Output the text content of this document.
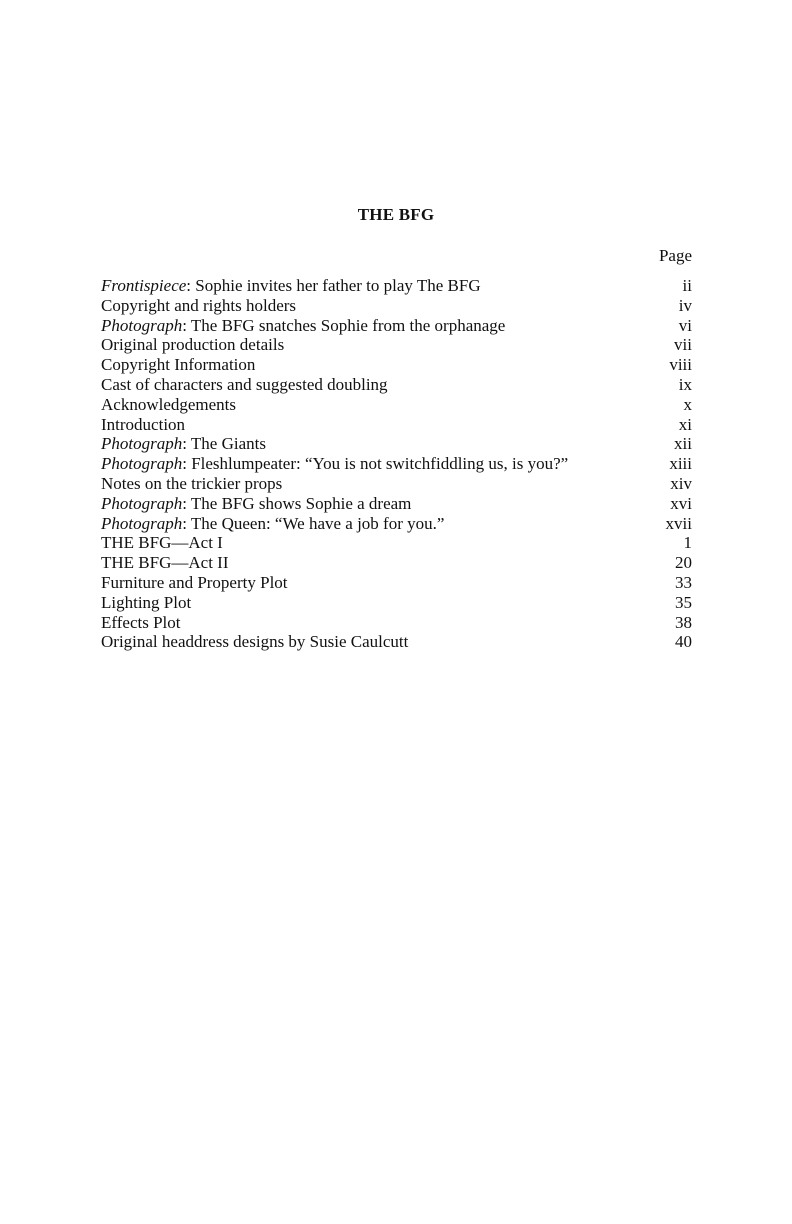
THE BFG
Page
Frontispiece: Sophie invites her father to play The BFG	ii
Copyright and rights holders	iv
Photograph: The BFG snatches Sophie from the orphanage	vi
Original production details	vii
Copyright Information	viii
Cast of characters and suggested doubling	ix
Acknowledgements	x
Introduction	xi
Photograph: The Giants	xii
Photograph: Fleshlumpeater: “You is not switchfiddling us, is you?”	xiii
Notes on the trickier props	xiv
Photograph: The BFG shows Sophie a dream	xvi
Photograph: The Queen: “We have a job for you.”	xvii
THE BFG—Act I	1
THE BFG—Act II	20
Furniture and Property Plot	33
Lighting Plot	35
Effects Plot	38
Original headdress designs by Susie Caulcutt	40
